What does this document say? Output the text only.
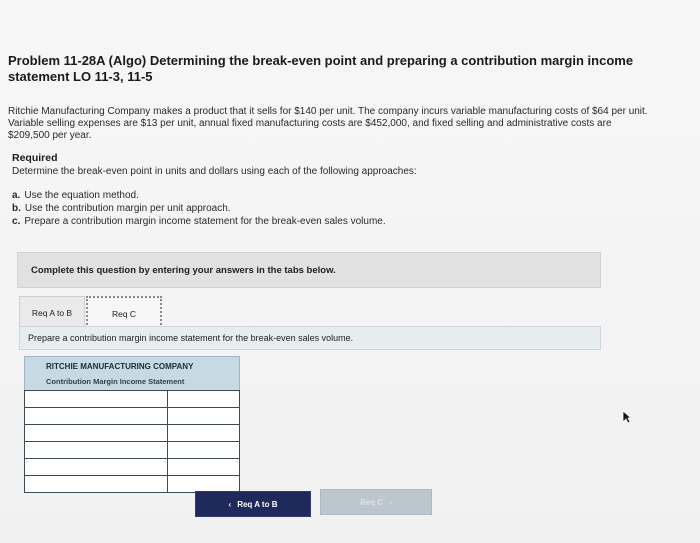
Problem 11-28A (Algo) Determining the break-even point and preparing a contribution margin income statement LO 11-3, 11-5
Ritchie Manufacturing Company makes a product that it sells for $140 per unit. The company incurs variable manufacturing costs of $64 per unit. Variable selling expenses are $13 per unit, annual fixed manufacturing costs are $452,000, and fixed selling and administrative costs are $209,500 per year.
Required
Determine the break-even point in units and dollars using each of the following approaches:
a. Use the equation method.
b. Use the contribution margin per unit approach.
c. Prepare a contribution margin income statement for the break-even sales volume.
Complete this question by entering your answers in the tabs below.
Req A to B	Req C
Prepare a contribution margin income statement for the break-even sales volume.
RITCHIE MANUFACTURING COMPANY
Contribution Margin Income Statement
‹ Req A to B	Req C ›
